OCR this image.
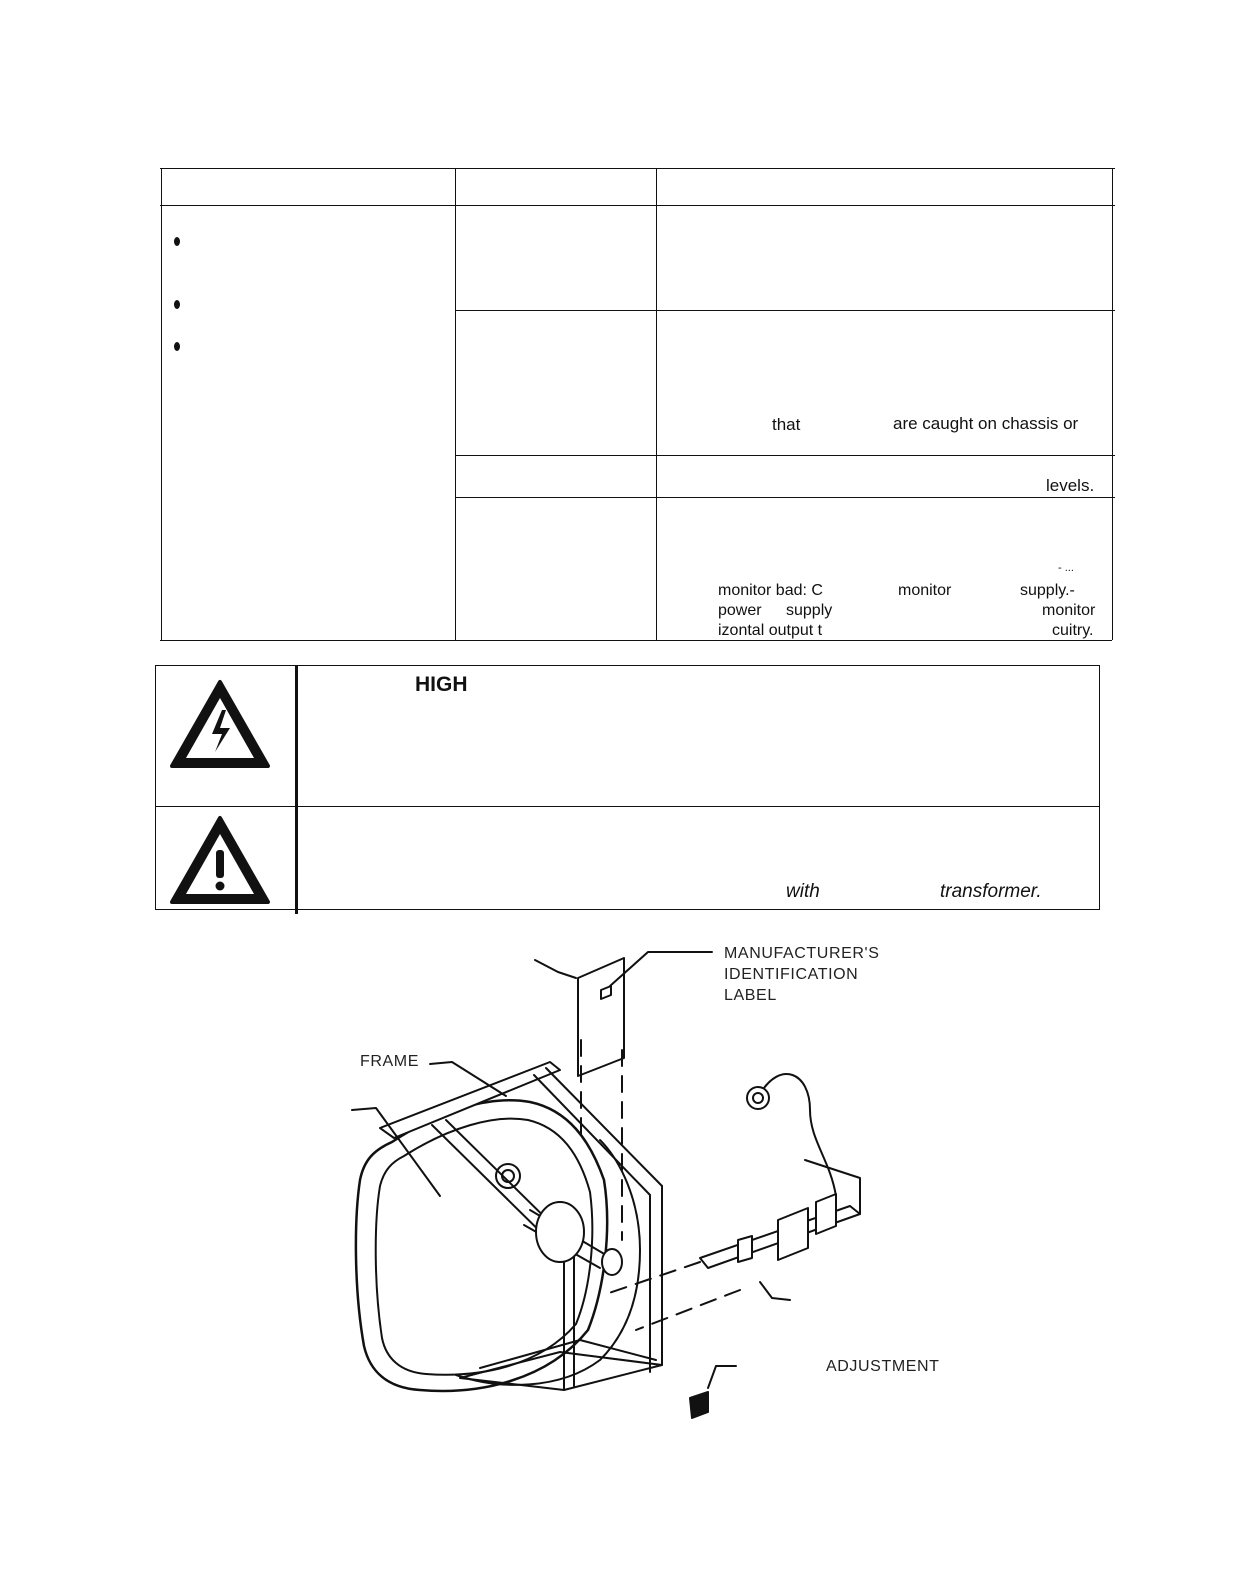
that	are caught on chassis or
levels.
- ...
monitor bad: C	monitor	supply.-
power supply	monitor
izontal output t	cuitry.
HIGH
with	transformer.
MANUFACTURER'S
IDENTIFICATION
LABEL
FRAME
ADJUSTMENT
